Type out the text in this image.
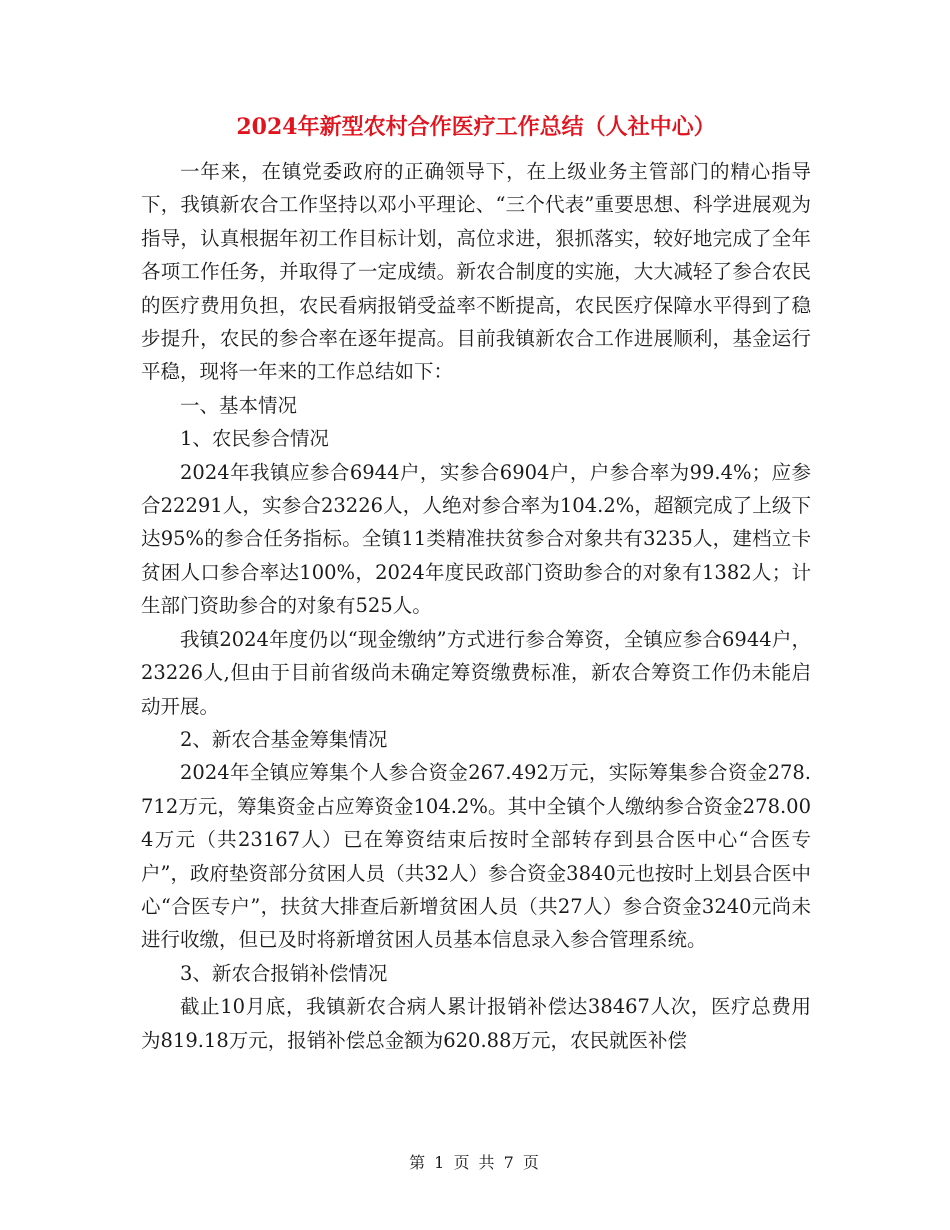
2024年新型农村合作医疗工作总结（人社中心）

一年来，在镇党委政府的正确领导下，在上级业务主管部门的精心指导下，我镇新农合工作坚持以邓小平理论、“三个代表”重要思想、科学进展观为指导，认真根据年初工作目标计划，高位求进，狠抓落实，较好地完成了全年各项工作任务，并取得了一定成绩。新农合制度的实施，大大减轻了参合农民的医疗费用负担，农民看病报销受益率不断提高，农民医疗保障水平得到了稳步提升，农民的参合率在逐年提高。目前我镇新农合工作进展顺利，基金运行平稳，现将一年来的工作总结如下：

一、基本情况

1、农民参合情况

2024年我镇应参合6944户，实参合6904户，户参合率为99.4%；应参合22291人，实参合23226人，人绝对参合率为104.2%，超额完成了上级下达95%的参合任务指标。全镇11类精准扶贫参合对象共有3235人，建档立卡贫困人口参合率达100%，2024年度民政部门资助参合的对象有1382人；计生部门资助参合的对象有525人。

我镇2024年度仍以“现金缴纳”方式进行参合筹资，全镇应参合6944户，23226人,但由于目前省级尚未确定筹资缴费标准，新农合筹资工作仍未能启动开展。

2、新农合基金筹集情况

2024年全镇应筹集个人参合资金267.492万元，实际筹集参合资金278.712万元，筹集资金占应筹资金104.2%。其中全镇个人缴纳参合资金278.004万元（共23167人）已在筹资结束后按时全部转存到县合医中心“合医专户”，政府垫资部分贫困人员（共32人）参合资金3840元也按时上划县合医中心“合医专户”，扶贫大排查后新增贫困人员（共27人）参合资金3240元尚未进行收缴，但已及时将新增贫困人员基本信息录入参合管理系统。

3、新农合报销补偿情况

截止10月底，我镇新农合病人累计报销补偿达38467人次，医疗总费用为819.18万元，报销补偿总金额为620.88万元，农民就医补偿

第 1 页 共 7 页
